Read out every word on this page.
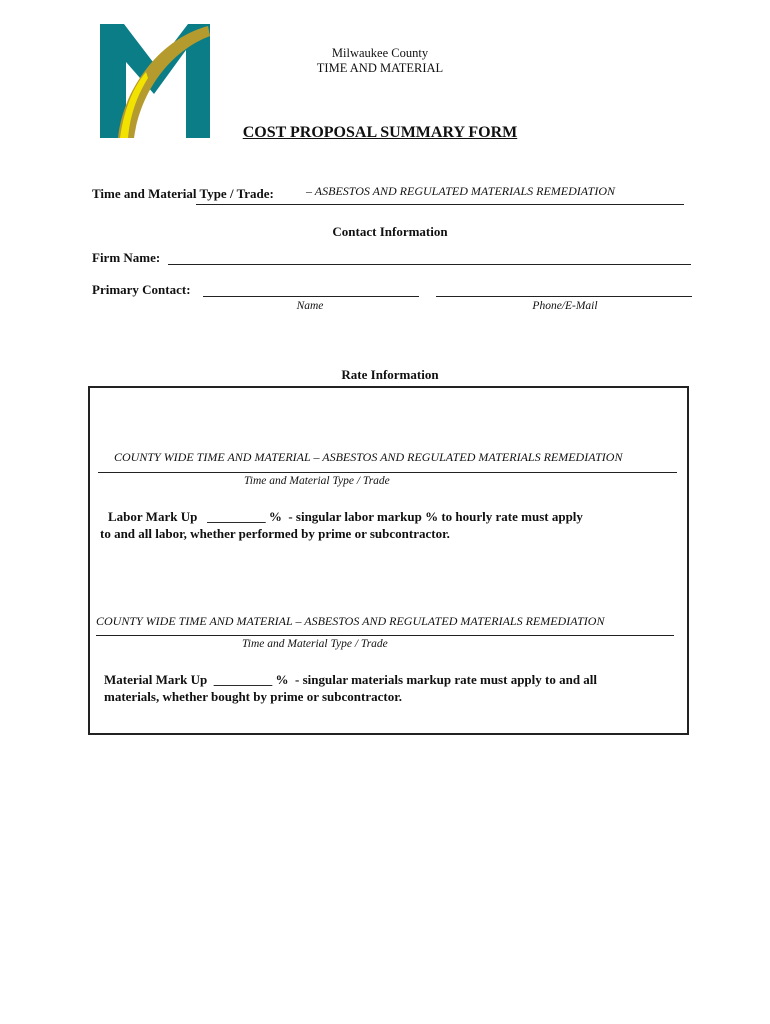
Milwaukee County
TIME AND MATERIAL
COST PROPOSAL SUMMARY FORM
Time and Material Type / Trade:	– ASBESTOS AND REGULATED MATERIALS REMEDIATION
Contact Information
Firm Name:
Primary Contact:
Name	Phone/E-Mail
Rate Information
COUNTY WIDE TIME AND MATERIAL – ASBESTOS AND REGULATED MATERIALS REMEDIATION
Time and Material Type / Trade
Labor Mark Up   _________ %  - singular labor markup % to hourly rate must apply
to and all labor, whether performed by prime or subcontractor.
COUNTY WIDE TIME AND MATERIAL – ASBESTOS AND REGULATED MATERIALS REMEDIATION
Time and Material Type / Trade
Material Mark Up  _________ %  - singular materials markup rate must apply to and all
materials, whether bought by prime or subcontractor.
